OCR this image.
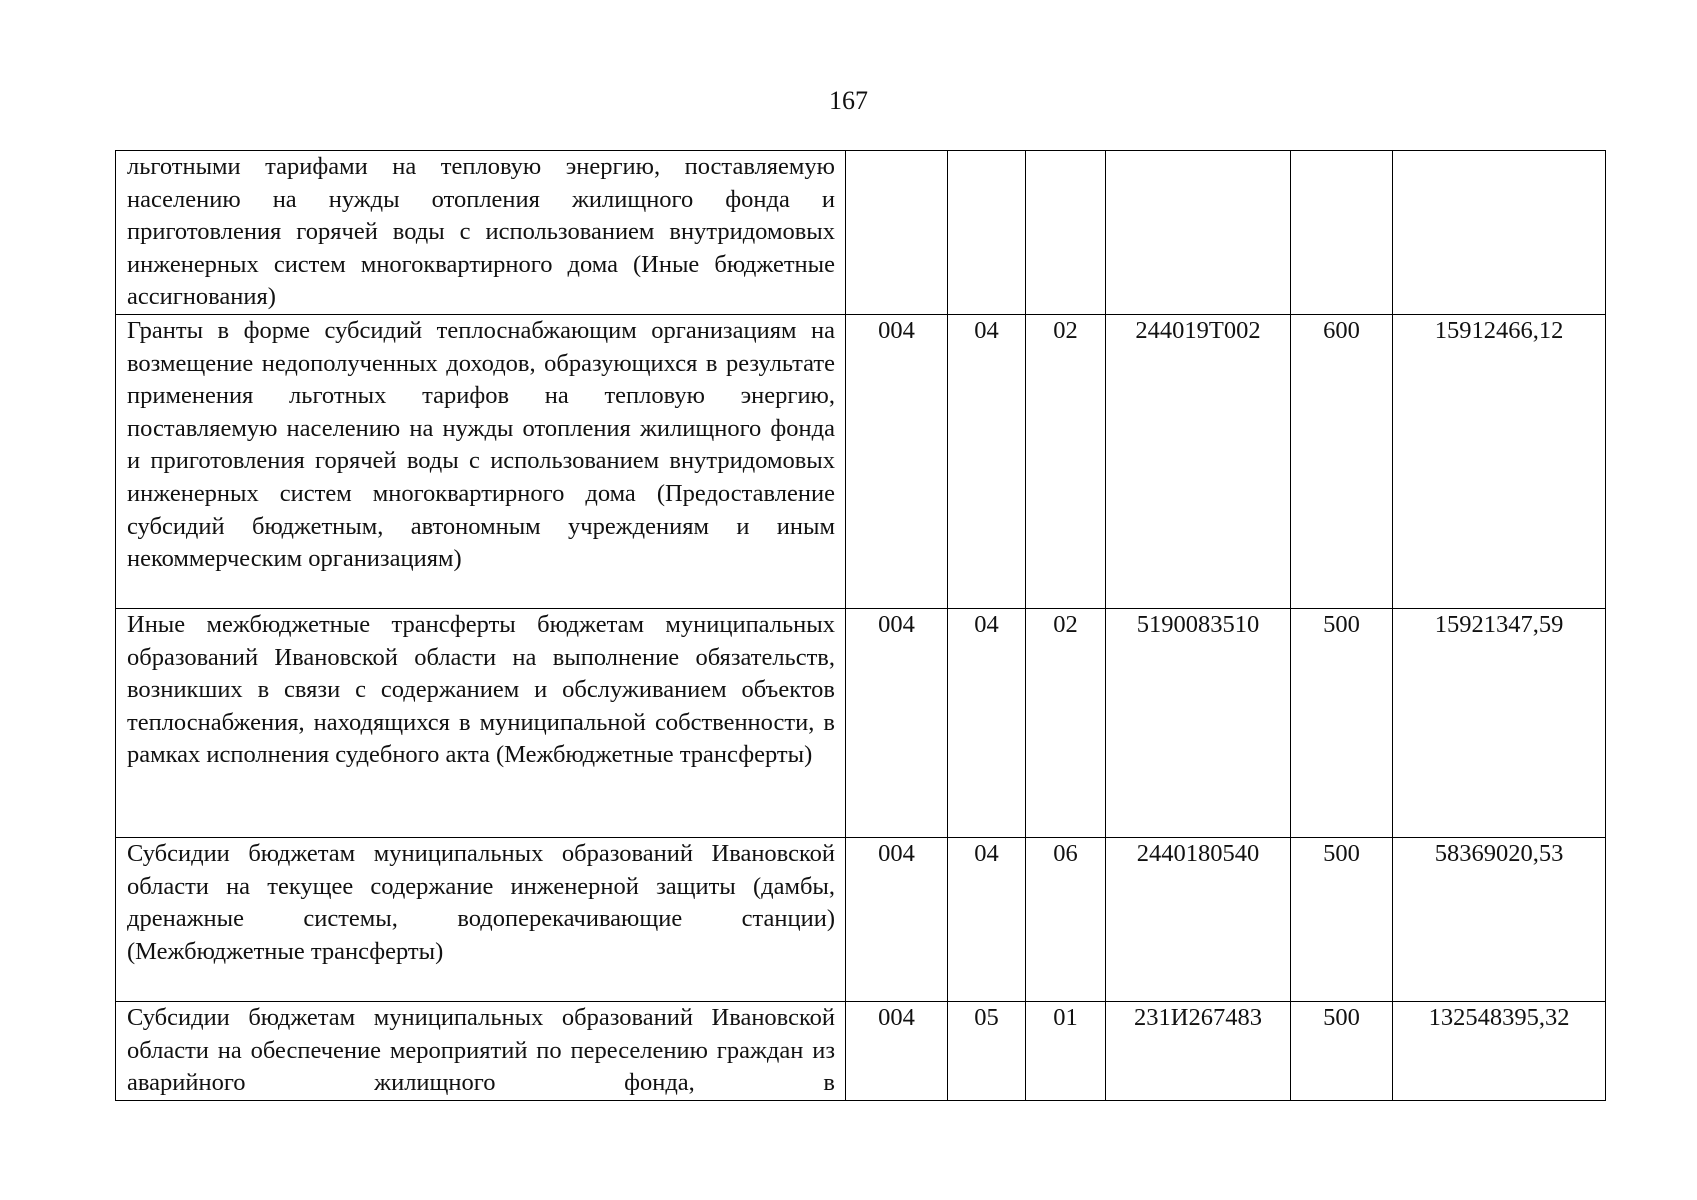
167
льготными тарифами на тепловую энергию, поставляемую населению на нужды отопления жилищного фонда и приготовления горячей воды с использованием внутридомовых инженерных систем многоквартирного дома (Иные бюджетные ассигнования)						
Гранты в форме субсидий теплоснабжающим организациям на возмещение недополученных доходов, образующихся в результате применения льготных тарифов на тепловую энергию, поставляемую населению на нужды отопления жилищного фонда и приготовления горячей воды с использованием внутридомовых инженерных систем многоквартирного дома (Предоставление субсидий бюджетным, автономным учреждениям и иным некоммерческим организациям)	004	04	02	244019Т002	600	15912466,12
Иные межбюджетные трансферты бюджетам муниципальных образований Ивановской области на выполнение обязательств, возникших в связи с содержанием и обслуживанием объектов теплоснабжения, находящихся в муниципальной собственности, в рамках исполнения судебного акта (Межбюджетные трансферты)	004	04	02	5190083510	500	15921347,59
Субсидии бюджетам муниципальных образований Ивановской области на текущее содержание инженерной защиты (дамбы, дренажные системы, водоперекачивающие станции) (Межбюджетные трансферты)	004	04	06	2440180540	500	58369020,53
Субсидии бюджетам муниципальных образований Ивановской области на обеспечение мероприятий по переселению граждан из аварийного жилищного фонда, в	004	05	01	231И267483	500	132548395,32
